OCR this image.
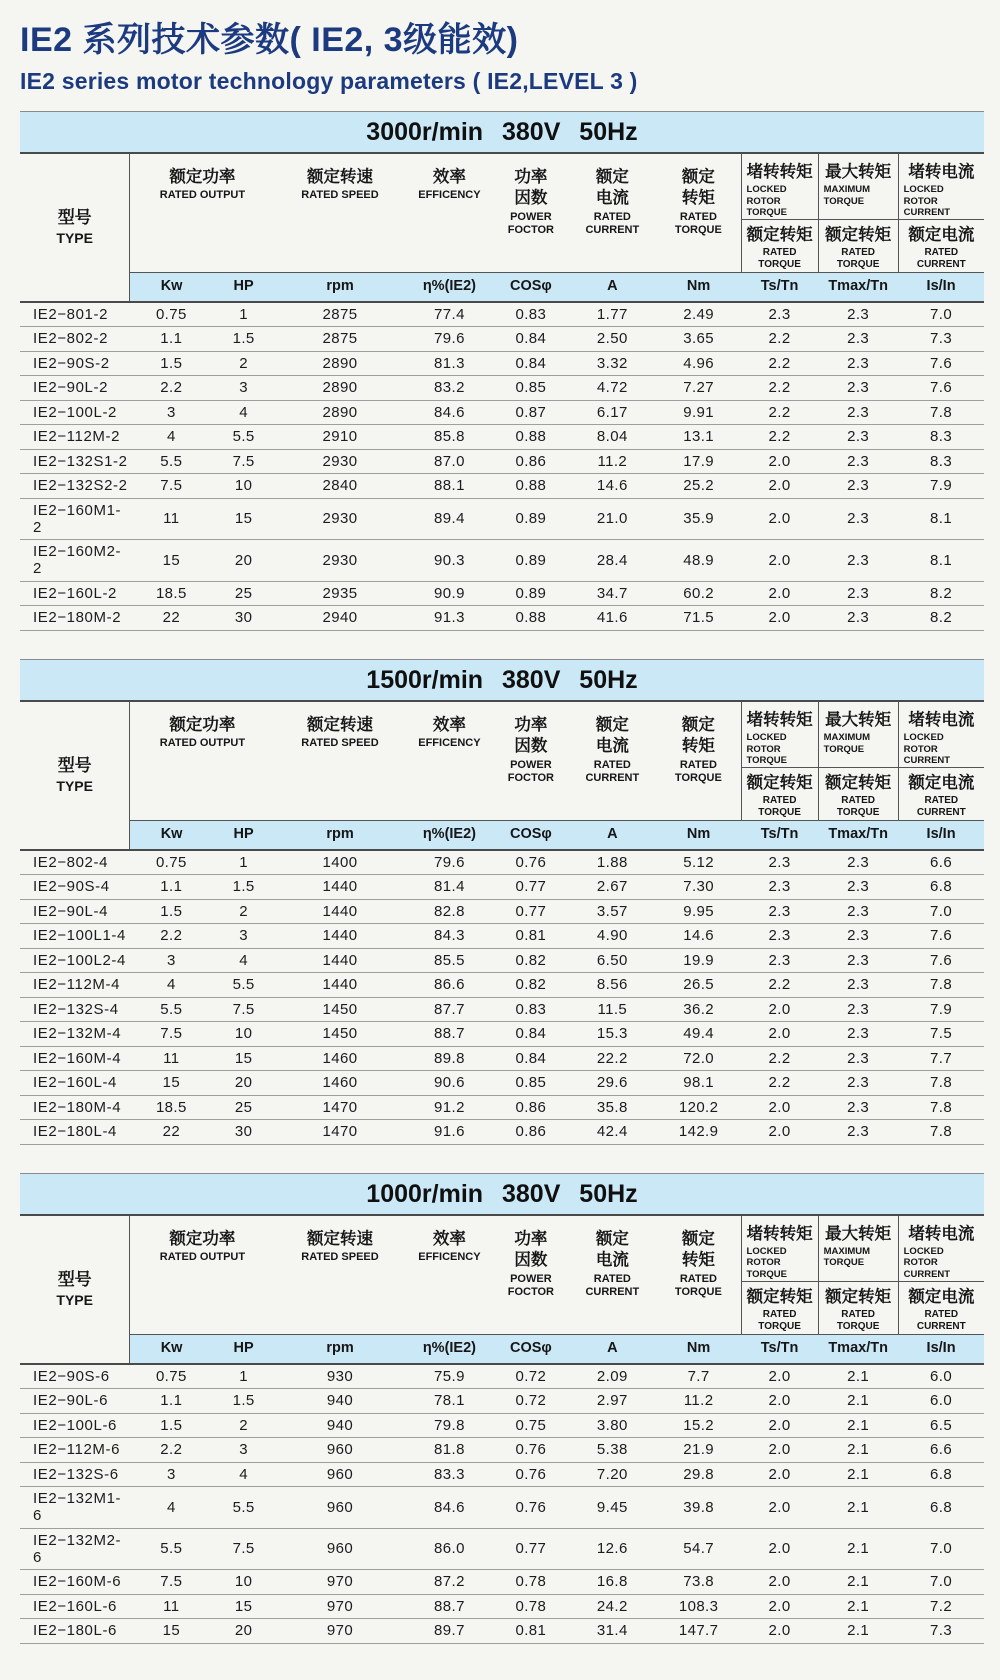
IE2 系列技术参数( IE2, 3级能效)
IE2 series motor technology parameters ( IE2,LEVEL 3 )
3000r/min 380V 50Hz
型号
TYPE	额定功率
RATED OUTPUT		额定转速
RATED SPEED	效率
EFFICENCY	功率
因数
POWER
FOCTOR	额定
电流
RATED
CURRENT	额定
转矩
RATED
TORQUE	堵转转矩
LOCKED
ROTOR TORQUE	最大转矩
MAXIMUM
TORQUE	堵转电流
LOCKED
ROTOR CURRENT

								额定转矩
RATED TORQUE	额定转矩
RATED TORQUE	额定电流
RATED CURRENT

	Kw	HP	rpm	η%(IE2)	COSφ	A	Nm	Ts/Tn	Tmax/Tn	Is/In
IE2−801-2	0.75	1	2875	77.4	0.83	1.77	2.49	2.3	2.3	7.0
IE2−802-2	1.1	1.5	2875	79.6	0.84	2.50	3.65	2.2	2.3	7.3
IE2−90S-2	1.5	2	2890	81.3	0.84	3.32	4.96	2.2	2.3	7.6
IE2−90L-2	2.2	3	2890	83.2	0.85	4.72	7.27	2.2	2.3	7.6
IE2−100L-2	3	4	2890	84.6	0.87	6.17	9.91	2.2	2.3	7.8
IE2−112M-2	4	5.5	2910	85.8	0.88	8.04	13.1	2.2	2.3	8.3
IE2−132S1-2	5.5	7.5	2930	87.0	0.86	11.2	17.9	2.0	2.3	8.3
IE2−132S2-2	7.5	10	2840	88.1	0.88	14.6	25.2	2.0	2.3	7.9
IE2−160M1-2	11	15	2930	89.4	0.89	21.0	35.9	2.0	2.3	8.1
IE2−160M2-2	15	20	2930	90.3	0.89	28.4	48.9	2.0	2.3	8.1
IE2−160L-2	18.5	25	2935	90.9	0.89	34.7	60.2	2.0	2.3	8.2
IE2−180M-2	22	30	2940	91.3	0.88	41.6	71.5	2.0	2.3	8.2
1500r/min 380V 50Hz
型号
TYPE	额定功率
RATED OUTPUT		额定转速
RATED SPEED	效率
EFFICENCY	功率
因数
POWER
FOCTOR	额定
电流
RATED
CURRENT	额定
转矩
RATED
TORQUE	堵转转矩
LOCKED
ROTOR TORQUE	最大转矩
MAXIMUM
TORQUE	堵转电流
LOCKED
ROTOR CURRENT

								额定转矩
RATED TORQUE	额定转矩
RATED TORQUE	额定电流
RATED CURRENT

	Kw	HP	rpm	η%(IE2)	COSφ	A	Nm	Ts/Tn	Tmax/Tn	Is/In
IE2−802-4	0.75	1	1400	79.6	0.76	1.88	5.12	2.3	2.3	6.6
IE2−90S-4	1.1	1.5	1440	81.4	0.77	2.67	7.30	2.3	2.3	6.8
IE2−90L-4	1.5	2	1440	82.8	0.77	3.57	9.95	2.3	2.3	7.0
IE2−100L1-4	2.2	3	1440	84.3	0.81	4.90	14.6	2.3	2.3	7.6
IE2−100L2-4	3	4	1440	85.5	0.82	6.50	19.9	2.3	2.3	7.6
IE2−112M-4	4	5.5	1440	86.6	0.82	8.56	26.5	2.2	2.3	7.8
IE2−132S-4	5.5	7.5	1450	87.7	0.83	11.5	36.2	2.0	2.3	7.9
IE2−132M-4	7.5	10	1450	88.7	0.84	15.3	49.4	2.0	2.3	7.5
IE2−160M-4	11	15	1460	89.8	0.84	22.2	72.0	2.2	2.3	7.7
IE2−160L-4	15	20	1460	90.6	0.85	29.6	98.1	2.2	2.3	7.8
IE2−180M-4	18.5	25	1470	91.2	0.86	35.8	120.2	2.0	2.3	7.8
IE2−180L-4	22	30	1470	91.6	0.86	42.4	142.9	2.0	2.3	7.8
1000r/min 380V 50Hz
型号
TYPE	额定功率
RATED OUTPUT		额定转速
RATED SPEED	效率
EFFICENCY	功率
因数
POWER
FOCTOR	额定
电流
RATED
CURRENT	额定
转矩
RATED
TORQUE	堵转转矩
LOCKED
ROTOR TORQUE	最大转矩
MAXIMUM
TORQUE	堵转电流
LOCKED
ROTOR CURRENT

								额定转矩
RATED TORQUE	额定转矩
RATED TORQUE	额定电流
RATED CURRENT

	Kw	HP	rpm	η%(IE2)	COSφ	A	Nm	Ts/Tn	Tmax/Tn	Is/In
IE2−90S-6	0.75	1	930	75.9	0.72	2.09	7.7	2.0	2.1	6.0
IE2−90L-6	1.1	1.5	940	78.1	0.72	2.97	11.2	2.0	2.1	6.0
IE2−100L-6	1.5	2	940	79.8	0.75	3.80	15.2	2.0	2.1	6.5
IE2−112M-6	2.2	3	960	81.8	0.76	5.38	21.9	2.0	2.1	6.6
IE2−132S-6	3	4	960	83.3	0.76	7.20	29.8	2.0	2.1	6.8
IE2−132M1-6	4	5.5	960	84.6	0.76	9.45	39.8	2.0	2.1	6.8
IE2−132M2-6	5.5	7.5	960	86.0	0.77	12.6	54.7	2.0	2.1	7.0
IE2−160M-6	7.5	10	970	87.2	0.78	16.8	73.8	2.0	2.1	7.0
IE2−160L-6	11	15	970	88.7	0.78	24.2	108.3	2.0	2.1	7.2
IE2−180L-6	15	20	970	89.7	0.81	31.4	147.7	2.0	2.1	7.3
